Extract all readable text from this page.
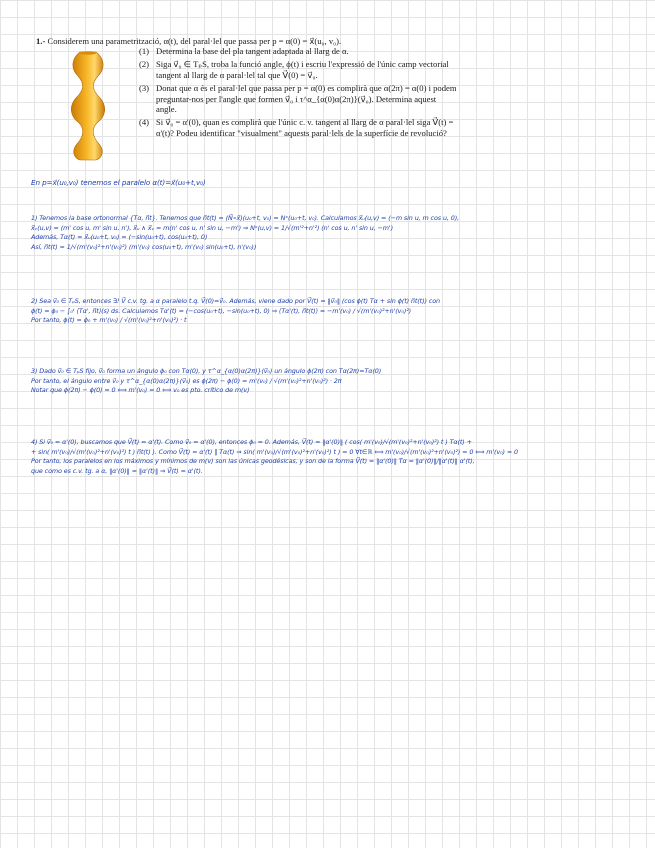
1.- Considerem una parametrització, α(t), del paral·lel que passa per p = α(0) = x⃗(u₀, v₀).
(1) Determina la base del pla tangent adaptada al llarg de α.
(2) Siga v⃗₀ ∈ TₚS, troba la funció angle, ϕ(t) i escriu l'expressió de l'únic camp vectorial tangent al llarg de α paral·lel tal que V⃗(0) = v⃗₀.
(3) Donat que α és el paral·lel que passa per p = α(0) es complirà que α(2π) = α(0) i podem preguntar-nos per l'angle que formen v⃗₀ i τ^α_{α(0)α(2π)}(v⃗₀). Determina aquest angle.
(4) Si v⃗₀ = α'(0), quan es complirà que l'únic c. v. tangent al llarg de α paral·lel siga V⃗(t) = α'(t)? Podeu identificar "visualment" aquests paral·lels de la superfície de revolució?
En p=x⃗(u₀,v₀) tenemos el paralelo α(t)=x⃗(u₀+t,v₀)
1) Tenemos la base ortonormal {Tα, n⃗t}. Tenemos que n⃗t(t) = (N⃗∘x⃗)(u₀+t, v₀) = Nˣ(u₀+t, v₀). Calculamos x⃗ᵤ(u,v) = (−m sin u, m cos u, 0),
x⃗ᵥ(u,v) = (m' cos u, m' sin u, n'), x⃗ᵤ ∧ x⃗ᵥ = m(n' cos u, n' sin u, −m') ⇒ Nˣ(u,v) = 1/√(m'²+n'²) (n' cos u, n' sin u, −m')
Además, Tα(t) = x⃗ᵤ(u₀+t, v₀) = (−sin(u₀+t), cos(u₀+t), 0)
Así, n⃗t(t) = 1/√(m'(v₀)²+n'(v₀)²) (m'(v₀) cos(u₀+t), m'(v₀) sin(u₀+t), n'(v₀))
2) Sea v⃗₀ ∈ TₚS, entonces ∃! V⃗ c.v. tg. a α paralelo t.q. V⃗(0)=v⃗₀. Además, viene dado por V⃗(t) = ‖v⃗₀‖ (cos ϕ(t) Tα + sin ϕ(t) n⃗t(t)) con
ϕ(t) = ϕ₀ − ∫₀ᵗ ⟨Tα', n⃗t⟩(s) ds. Calculamos Tα'(t) = (−cos(u₀+t), −sin(u₀+t), 0) ⇒ ⟨Tα'(t), n⃗t(t)⟩ = −m'(v₀) / √(m'(v₀)²+n'(v₀)²)
Por tanto, ϕ(t) = ϕ₀ + m'(v₀) / √(m'(v₀)²+n'(v₀)²) · t
3) Dado v⃗₀ ∈ TₚS fijo, v⃗₀ forma un ángulo ϕ₀ con Tα(0), y τ^α_{α(0)α(2π)}(v⃗₀) un ángulo ϕ(2π) con Tα(2π)=Tα(0)
Por tanto, el ángulo entre v⃗₀ y τ^α_{α(0)α(2π)}(v⃗₀) es ϕ(2π) − ϕ(0) = m'(v₀) / √(m'(v₀)²+n'(v₀)²) · 2π
Notar que ϕ(2π) − ϕ(0) = 0 ⟺ m'(v₀) = 0 ⟺ v₀ es pto. crítico de m(v)
4) Si v⃗₀ = α'(0), buscamos que V⃗(t) = α'(t). Como v⃗₀ = α'(0), entonces ϕ₀ = 0. Además, V⃗(t) = ‖α'(0)‖ ( cos( m'(v₀)/√(m'(v₀)²+n'(v₀)²) t ) Tα(t) +
+ sin( m'(v₀)/√(m'(v₀)²+n'(v₀)²) t ) n⃗t(t) ). Como V⃗(t) = α'(t) ∥ Tα(t) ⇒ sin( m'(v₀)/√(m'(v₀)²+n'(v₀)²) t ) = 0 ∀t∈ℝ ⟺ m'(v₀)/√(m'(v₀)²+n'(v₀)²) = 0 ⟺ m'(v₀) = 0
Por tanto, los paralelos en los máximos y mínimos de m(v) son las únicas geodésicas, y son de la forma V⃗(t) = ‖α'(0)‖ Tα = ‖α'(0)‖/‖α'(t)‖ α'(t),
que como es c.v. tg. a α, ‖α'(0)‖ = ‖α'(t)‖ ⇒ V⃗(t) = α'(t).
